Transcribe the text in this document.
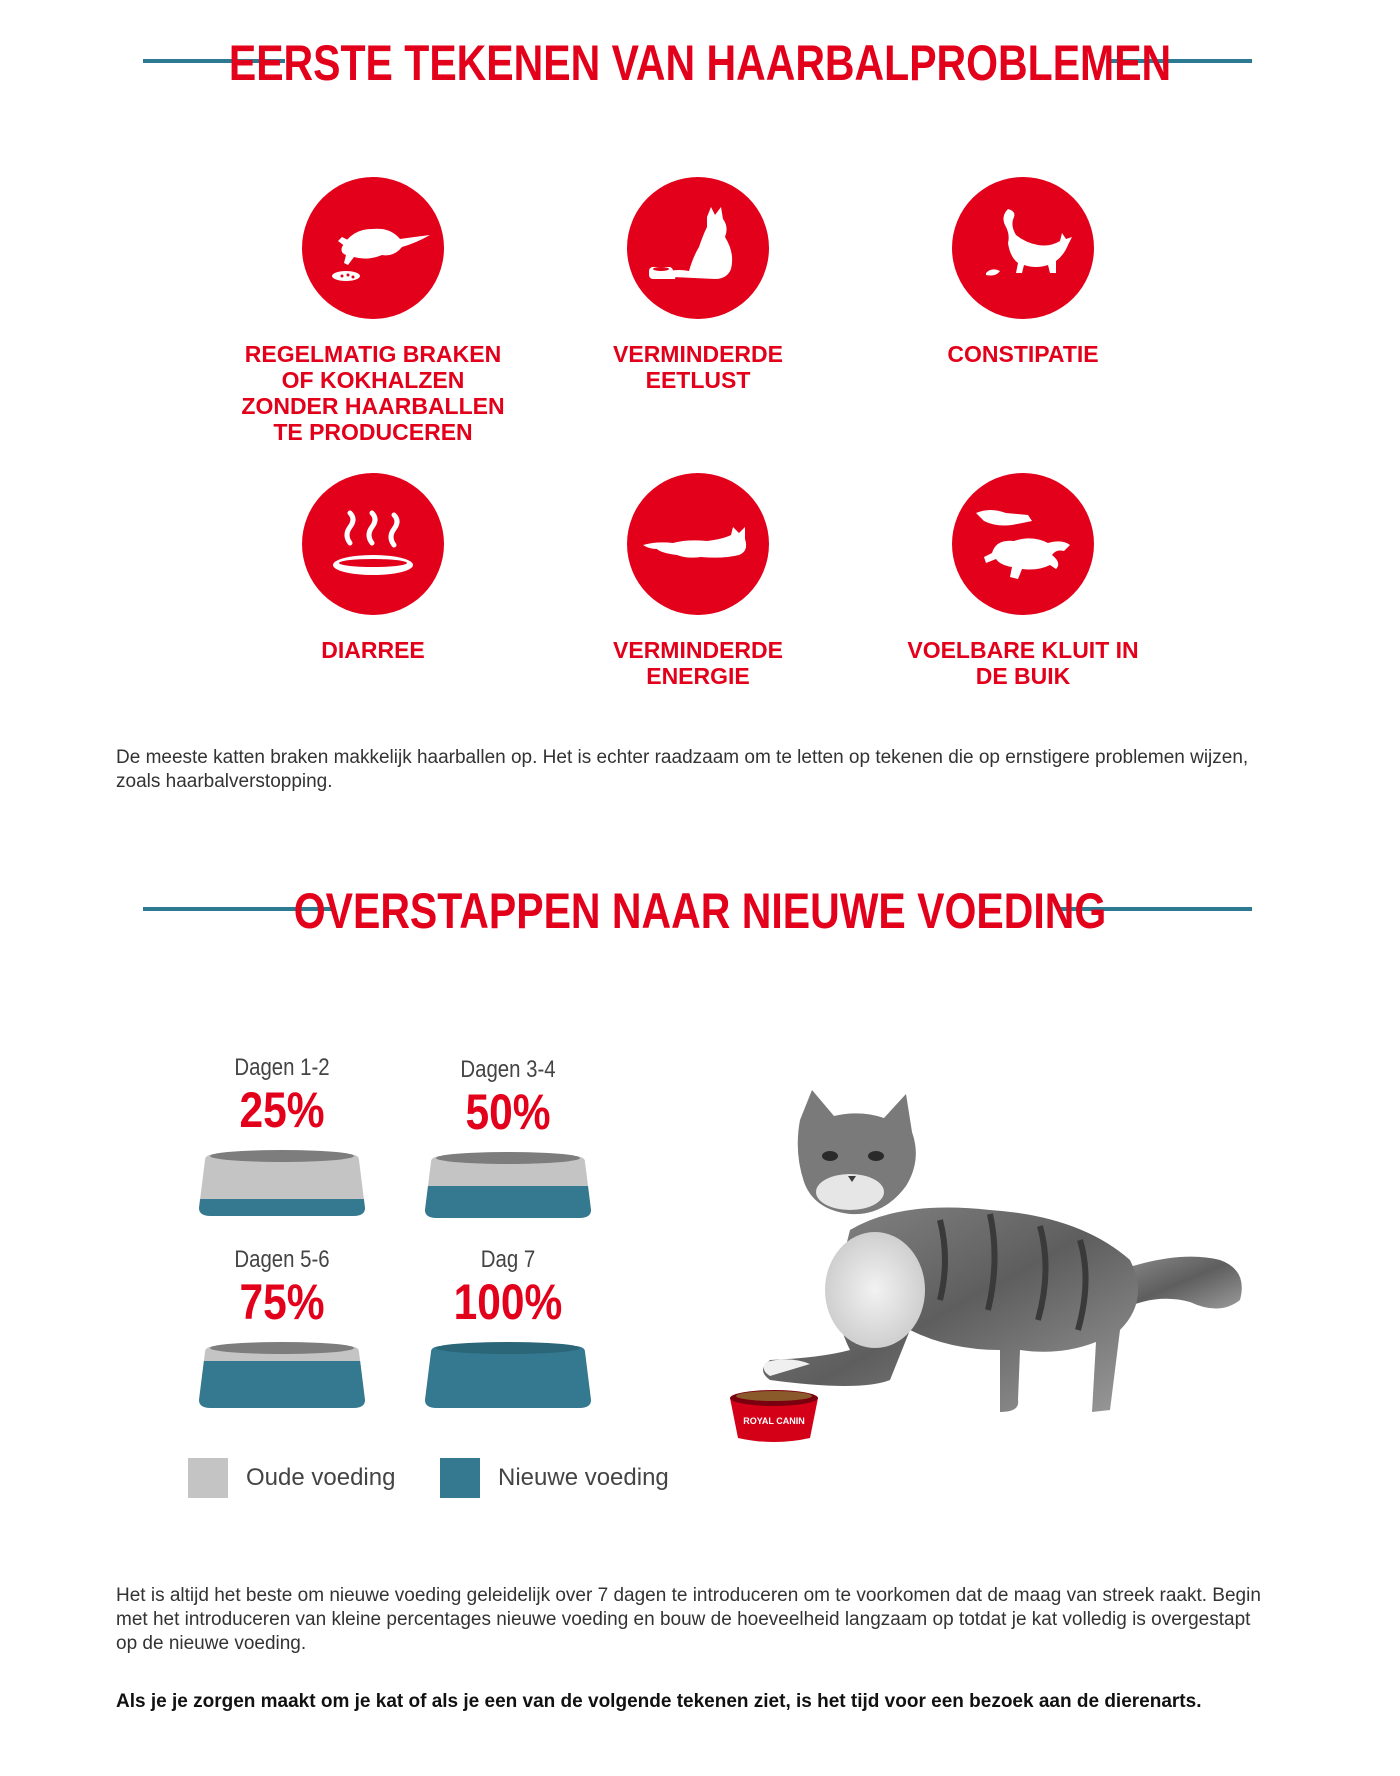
EERSTE TEKENEN VAN HAARBALPROBLEMEN
REGELMATIG BRAKEN OF KOKHALZEN ZONDER HAARBALLEN TE PRODUCEREN
VERMINDERDE EETLUST
CONSTIPATIE
DIARREE	VERMINDERDE ENERGIE
VOELBARE KLUIT IN DE BUIK
De meeste katten braken makkelijk haarballen op. Het is echter raadzaam om te letten op tekenen die op ernstigere problemen wijzen, zoals haarbalverstopping.
OVERSTAPPEN NAAR NIEUWE VOEDING
Dagen 1-2
25%
Dagen 3-4
50%
Dagen 5-6
75%
Dag 7
100%
Oude voeding	Nieuwe voeding
ROYAL CANIN
Het is altijd het beste om nieuwe voeding geleidelijk over 7 dagen te introduceren om te voorkomen dat de maag van streek raakt. Begin met het introduceren van kleine percentages nieuwe voeding en bouw de hoeveelheid langzaam op totdat je kat volledig is overgestapt op de nieuwe voeding.
Als je je zorgen maakt om je kat of als je een van de volgende tekenen ziet, is het tijd voor een bezoek aan de dierenarts.
